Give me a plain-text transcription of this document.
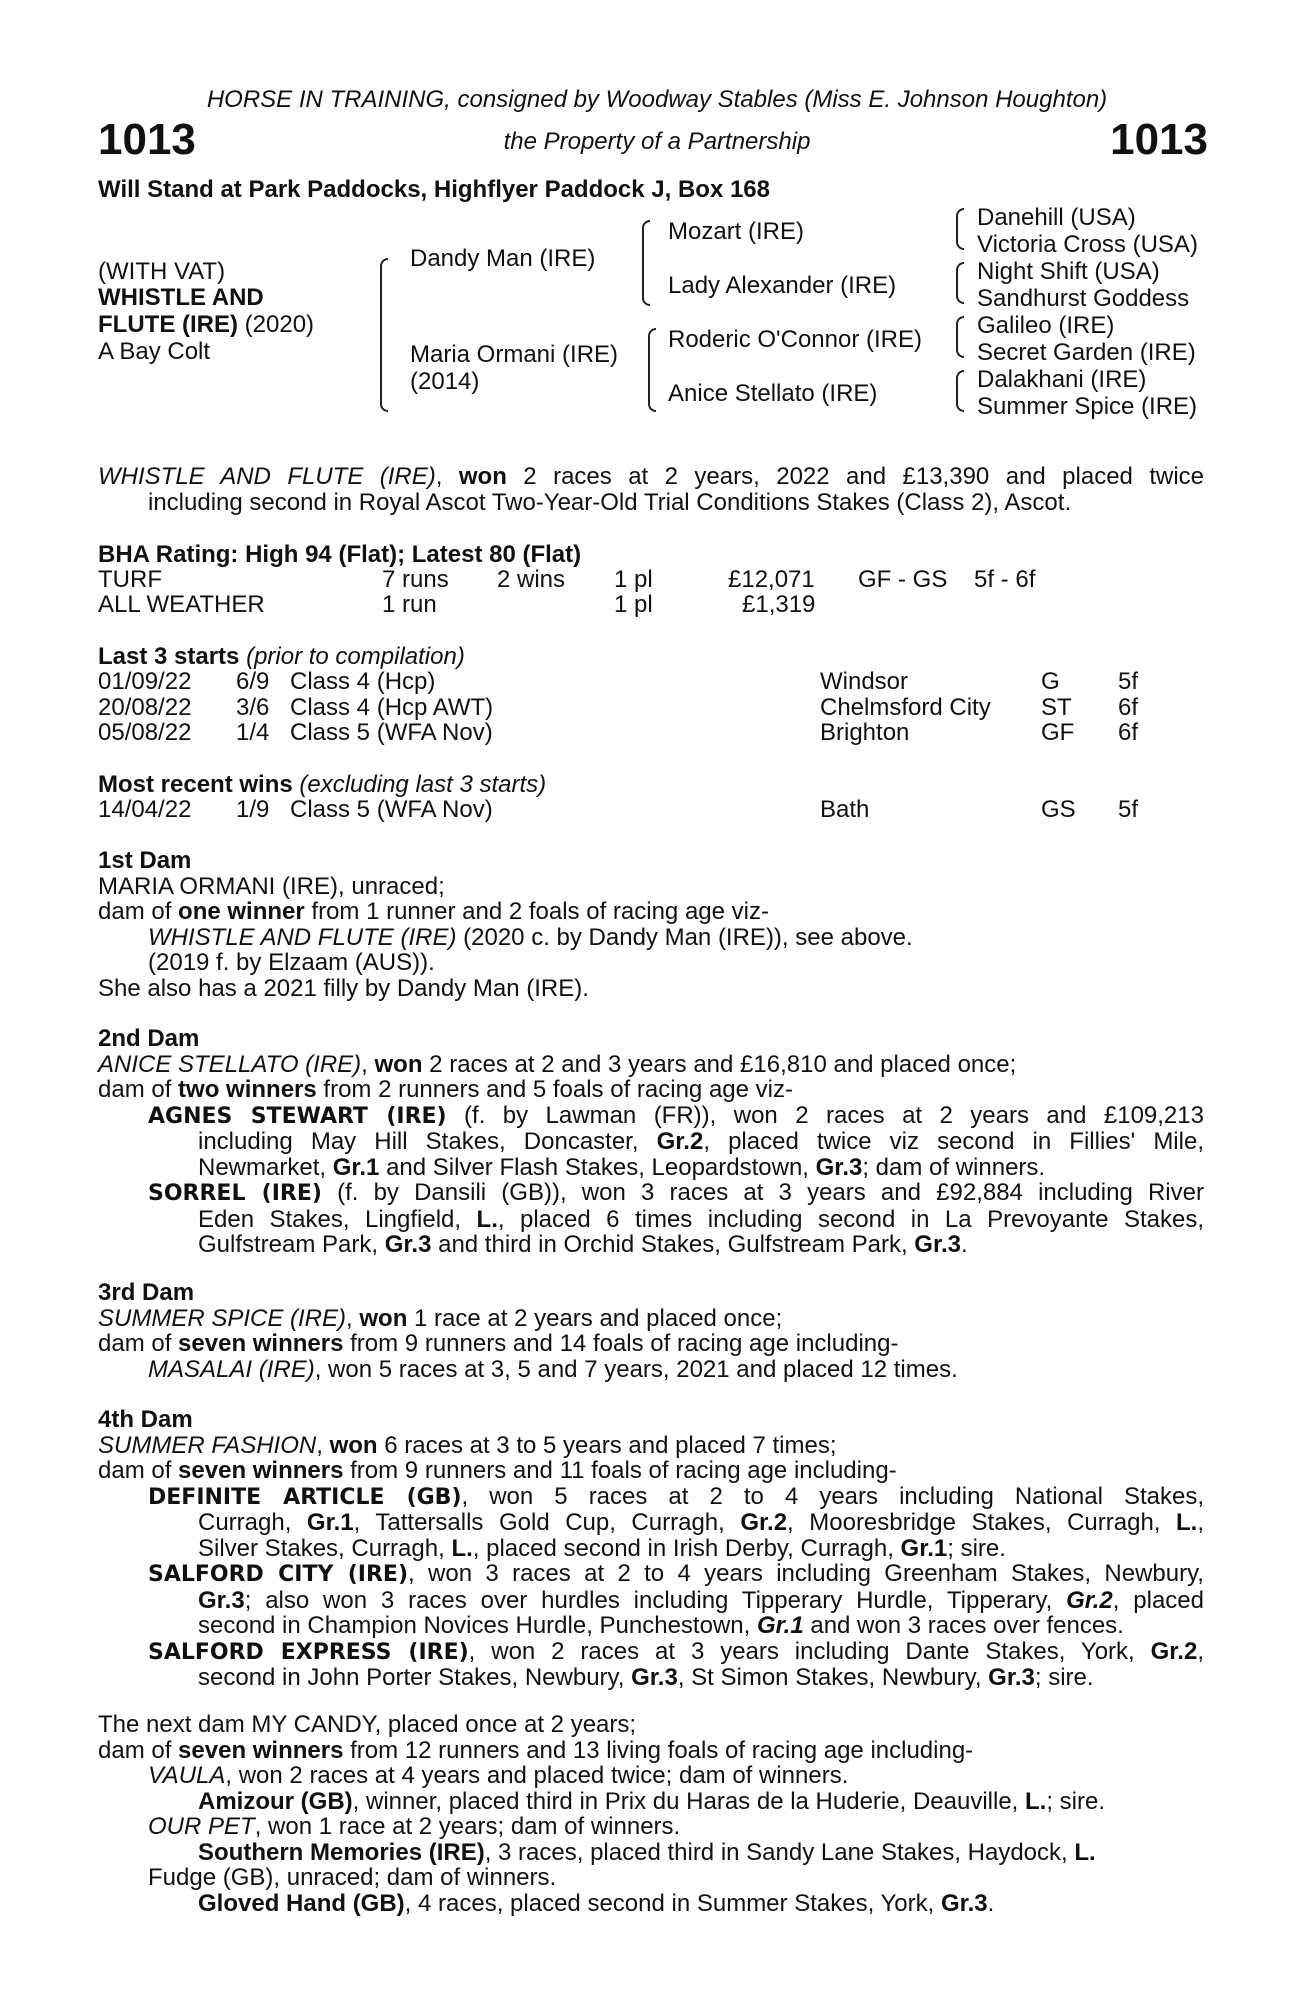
HORSE IN TRAINING, consigned by Woodway Stables (Miss E. Johnson Houghton)
1013	the Property of a Partnership	1013
Will Stand at Park Paddocks, Highflyer Paddock J, Box 168
(WITH VAT)
WHISTLE AND
FLUTE (IRE) (2020)
A Bay Colt
Dandy Man (IRE)
Maria Ormani (IRE)
(2014)
Mozart (IRE)
Lady Alexander (IRE)
Roderic O'Connor (IRE)
Anice Stellato (IRE)
Danehill (USA)
Victoria Cross (USA)
Night Shift (USA)
Sandhurst Goddess
Galileo (IRE)
Secret Garden (IRE)
Dalakhani (IRE)
Summer Spice (IRE)
WHISTLE AND FLUTE (IRE), won 2 races at 2 years, 2022 and £13,390 and placed twice
including second in Royal Ascot Two-Year-Old Trial Conditions Stakes (Class 2), Ascot.
BHA Rating: High 94 (Flat); Latest 80 (Flat)
TURF	7 runs 2 wins 1 pl	£12,071 GF - GS 5f - 6f
ALL WEATHER	1 run	1 pl	£1,319
Last 3 starts (prior to compilation)
01/09/22 6/9 Class 4 (Hcp)	Windsor	G 5f
20/08/22 3/6 Class 4 (Hcp AWT)	Chelmsford City ST 6f
05/08/22 1/4 Class 5 (WFA Nov)	Brighton	GF 6f
Most recent wins (excluding last 3 starts)
14/04/22 1/9 Class 5 (WFA Nov)	Bath	GS 5f
1st Dam
MARIA ORMANI (IRE), unraced;
dam of one winner from 1 runner and 2 foals of racing age viz-
WHISTLE AND FLUTE (IRE) (2020 c. by Dandy Man (IRE)), see above.
(2019 f. by Elzaam (AUS)).
She also has a 2021 filly by Dandy Man (IRE).
2nd Dam
ANICE STELLATO (IRE), won 2 races at 2 and 3 years and £16,810 and placed once;
dam of two winners from 2 runners and 5 foals of racing age viz-
AGNES STEWART (IRE) (f. by Lawman (FR)), won 2 races at 2 years and £109,213
including May Hill Stakes, Doncaster, Gr.2, placed twice viz second in Fillies' Mile,
Newmarket, Gr.1 and Silver Flash Stakes, Leopardstown, Gr.3; dam of winners.
SORREL (IRE) (f. by Dansili (GB)), won 3 races at 3 years and £92,884 including River
Eden Stakes, Lingfield, L., placed 6 times including second in La Prevoyante Stakes,
Gulfstream Park, Gr.3 and third in Orchid Stakes, Gulfstream Park, Gr.3.
3rd Dam
SUMMER SPICE (IRE), won 1 race at 2 years and placed once;
dam of seven winners from 9 runners and 14 foals of racing age including-
MASALAI (IRE), won 5 races at 3, 5 and 7 years, 2021 and placed 12 times.
4th Dam
SUMMER FASHION, won 6 races at 3 to 5 years and placed 7 times;
dam of seven winners from 9 runners and 11 foals of racing age including-
DEFINITE ARTICLE (GB), won 5 races at 2 to 4 years including National Stakes,
Curragh, Gr.1, Tattersalls Gold Cup, Curragh, Gr.2, Mooresbridge Stakes, Curragh, L.,
Silver Stakes, Curragh, L., placed second in Irish Derby, Curragh, Gr.1; sire.
SALFORD CITY (IRE), won 3 races at 2 to 4 years including Greenham Stakes, Newbury,
Gr.3; also won 3 races over hurdles including Tipperary Hurdle, Tipperary, Gr.2, placed
second in Champion Novices Hurdle, Punchestown, Gr.1 and won 3 races over fences.
SALFORD EXPRESS (IRE), won 2 races at 3 years including Dante Stakes, York, Gr.2,
second in John Porter Stakes, Newbury, Gr.3, St Simon Stakes, Newbury, Gr.3; sire.
The next dam MY CANDY, placed once at 2 years;
dam of seven winners from 12 runners and 13 living foals of racing age including-
VAULA, won 2 races at 4 years and placed twice; dam of winners.
Amizour (GB), winner, placed third in Prix du Haras de la Huderie, Deauville, L.; sire.
OUR PET, won 1 race at 2 years; dam of winners.
Southern Memories (IRE), 3 races, placed third in Sandy Lane Stakes, Haydock, L.
Fudge (GB), unraced; dam of winners.
Gloved Hand (GB), 4 races, placed second in Summer Stakes, York, Gr.3.
